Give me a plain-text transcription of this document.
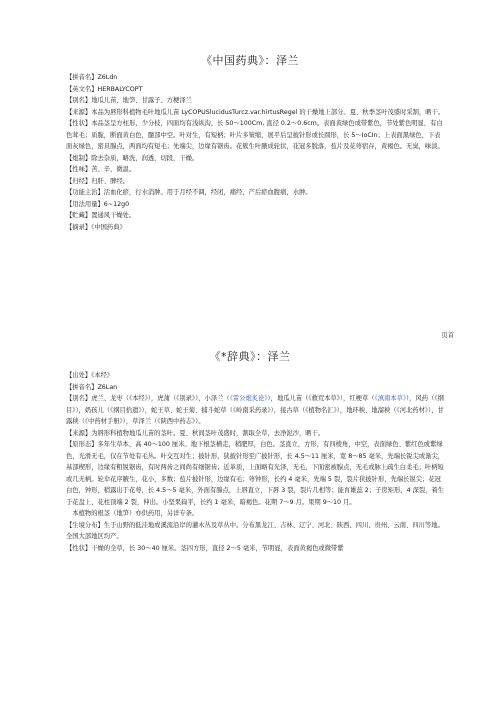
《中国药典》：泽兰

【拼音名】Z6Ldn

【英文名】HERBALYCOPT

【别名】地瓜儿苗、地笋、甘露子、方梗泽兰

【来源】本品为唇形科植物毛叶地瓜儿苗 LyCOPUSlucidusTurcz.var.hirtusRegel 的干燥地上部分。夏、秋季茎叶茂盛时采割，晒干。

【性状】本品茎呈方柱形，少分枝，四面均有浅纵沟，长 50～100Cm, 直径 0.2～0.6cm。表面黄绿色或带紫色，节处紫色明显，有白色茸毛；质脆，断面黄白色，髓部中空。叶对生，有短柄；叶片多皱缩，展平后呈披针形或长圆形，长 5～IoCIn；上表面黑绿色，下表面灰绿色，密具腺点，两面均有短毛；先端尖，边缘有锯齿。花簇生叶腋成轮状，花冠多脱落，苞片及花萼宿存，黄褐色。无臭，味淡。

【炮制】除去杂质，略洗，润透，切段，干燥。

【性味】苦、辛，微温。

【归经】归肝、脾经。

【功能主治】活血化瘀，行水消肿。用于月经不调，经闭，痛经，产后瘀血腹痛，水肿。

【用法用量】6~12g0

【贮藏】置通风干燥处。

【摘录】《中国药典》

页首
《*辞典》：泽兰

【出处】《本经》

【拼音名】Z6Lan

【别名】虎兰、龙枣（《本经》），虎蒲（《别录》），小泽兰（《雷公炮炙论》），地瓜儿苗（《救荒本草》），红梗草（《滇南本草》），风药（《纲目》），奶孩儿（《纲目拾遗》），蛇王草、蛇王菊、捕斗蛇草（《岭南采药录》），接古草（《植物名汇》），地环秧、地溜秧（《河北药材》），甘露秧（《中药材手册》），草泽兰（《陕西中药志》）。

【来源】为唇形科植物地瓜儿苗的茎叶。夏、秋间茎叶茂盛时，割取全草，去净泥沙，晒干。

【原形态】多年生草本，高 40～100 厘米。地下根茎横走，稍肥厚，白色。茎直立，方形，有四棱角，中空，表面绿色、紫红色或紫绿色，光滑无毛，仅在节处有毛丛。叶交互对生；披针形，狭披针形至广披针形，长 4.5～11 厘米，宽 8～85 毫米，先端长锐尖或渐尖，基部楔形，边缘有粗锐锯齿，有时两齿之间尚有细锯齿；近革质，上面略有光泽，无毛，下面密被腺点，无毛或脉上疏生白柔毛；叶柄短或几无柄。轮伞花序腋生，花小，多数；苞片披针形，边缘有毛；萼钟形，长约 4 毫米，先端 5 裂，裂片狭披针形，先端长锐尖；花冠白色，钟形，稍露出于花萼，长 4.5～5 毫米，外面有腺点，上唇直立，下唇 3 裂，裂片几相等；能育雄蕊 2；子房矩形，4 深裂，着生于花盘上，花柱顶端 2 裂，伸出。小坚果扁平，长约 1 毫米，暗褐色。花期 7～9 月。果期 9～10 月。

　本植物的根茎（地笋）亦供药用，另详专条。

【生境分布】生于山野的低洼地或溪流沿岸的灌木丛及草丛中。分布黑龙江、吉林、辽宁、河北、陕西、四川、贵州、云南、四川等地。全国大部地区均产。

【性状】干燥的全草，长 30～40 厘米。茎四方形，直径 2～5 毫米，节明显，表面黄褐色或微带紫
